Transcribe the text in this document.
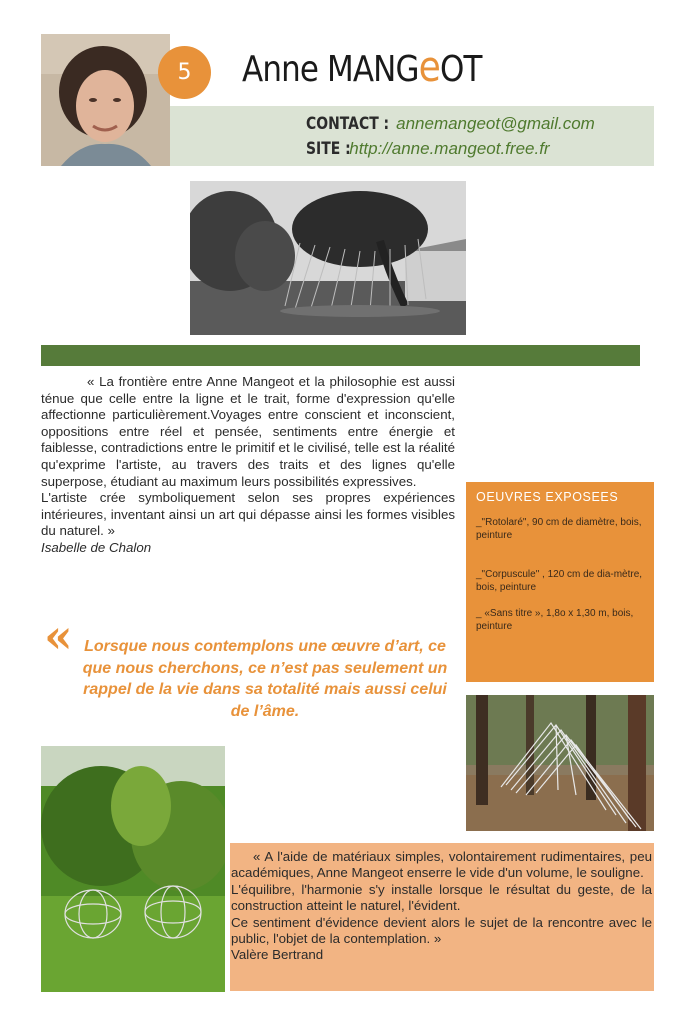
5 Anne MANGeOT
CONTACT : annemangeot@gmail.com
SITE : http://anne.mangeot.free.fr
« La frontière entre Anne Mangeot et la philosophie est aussi ténue que celle entre la ligne et le trait, forme d'expression qu'elle affectionne particulièrement.Voyages entre conscient et inconscient, oppositions entre réel et pensée, sentiments entre énergie et faiblesse, contradictions entre le primitif et le civilisé, telle est la réalité qu'exprime l'artiste, au travers des traits et des lignes qu'elle superpose, étudiant au maximum leurs possibilités expressives.
L'artiste crée symboliquement selon ses propres expériences intérieures, inventant ainsi un art qui dépasse ainsi les formes visibles du naturel. »
Isabelle de Chalon
OEUVRES EXPOSEES
_"Rotolaré", 90 cm de diamètre, bois, peinture
_"Corpuscule" , 120 cm de dia-mètre, bois, peinture
_ «Sans titre », 1,8o x 1,30 m, bois, peinture
« Lorsque nous contemplons une œuvre d’art, ce que nous cherchons, ce n’est pas seulement un rappel de la vie dans sa totalité mais aussi celui de l’âme.
« A l'aide de matériaux simples, volontairement rudimentaires, peu académiques, Anne Mangeot enserre le vide d'un volume, le souligne.
L'équilibre, l'harmonie s'y installe lorsque le résultat du geste, de la construction atteint le naturel, l'évident.
Ce sentiment d'évidence devient alors le sujet de la rencontre avec le public, l'objet de la contemplation. »
Valère Bertrand
